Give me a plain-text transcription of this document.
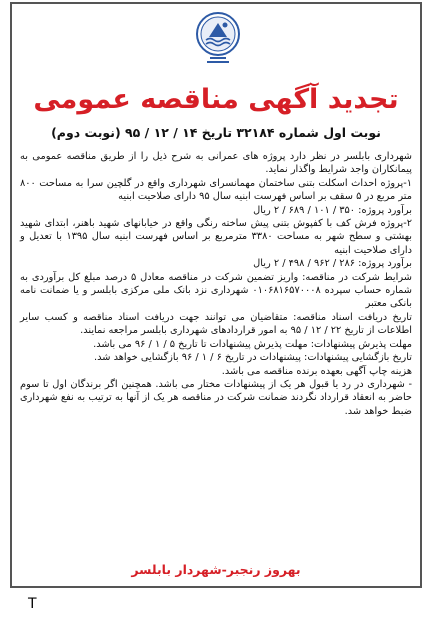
تجدید آگهی مناقصه عمومی
نوبت اول شماره ۳۲۱۸۴ تاریخ ۱۴ / ۱۲ / ۹۵ (نوبت دوم)

شهرداری بابلسر در نظر دارد پروژه های عمرانی به شرح ذیل را از طریق مناقصه عمومی به پیمانکاران واجد شرایط واگذار نماید.

۱-پروژه احداث اسکلت بتنی ساختمان مهمانسرای شهرداری واقع در گلچین سرا به مساحت ۸۰۰ متر مربع در ۵ سقف بر اساس فهرست ابنیه سال ۹۵ دارای صلاحیت ابنیه

برآورد پروژه: ۳۵۰ / ۱۰۱ / ۶۸۹ / ۲ ریال

۲-پروژه فرش کف با کفپوش بتنی پیش ساخته رنگی واقع در خیابانهای شهید باهنر، ابتدای شهید بهشتی و سطح شهر به مساحت ۳۳۸۰ مترمربع بر اساس فهرست ابنیه سال ۱۳۹۵ با تعدیل و دارای صلاحیت ابنیه

برآورد پروژه: ۲۸۶ / ۹۶۲ / ۴۹۸ / ۲ ریال

شرایط شرکت در مناقصه: واریز تضمین شرکت در مناقصه معادل ۵ درصد مبلغ کل برآوردی به شماره حساب سپرده ۰۱۰۶۸۱۶۵۷۰۰۰۸ شهرداری نزد بانک ملی مرکزی بابلسر و یا ضمانت نامه بانکی معتبر

تاریخ دریافت اسناد مناقصه: متقاضیان می توانند جهت دریافت اسناد مناقصه و کسب سایر اطلاعات از تاریخ ۲۲ / ۱۲ / ۹۵ به امور قراردادهای شهرداری بابلسر مراجعه نمایند.

مهلت پذیرش پیشنهادات: مهلت پذیرش پیشنهادات تا تاریخ ۵ / ۱ / ۹۶ می باشد.

تاریخ بازگشایی پیشنهادات: پیشنهادات در تاریخ ۶ / ۱ / ۹۶ بازگشایی خواهد شد.

هزینه چاپ آگهی بعهده برنده مناقصه می باشد.

- شهرداری در رد یا قبول هر یک از پیشنهادات مختار می باشد. همچنین اگر برندگان اول تا سوم حاضر به انعقاد قرارداد نگردند ضمانت شرکت در مناقصه هر یک از آنها به ترتیب به نفع شهرداری ضبط خواهد شد.

بهروز رنجبر-شهردار بابلسر
T
